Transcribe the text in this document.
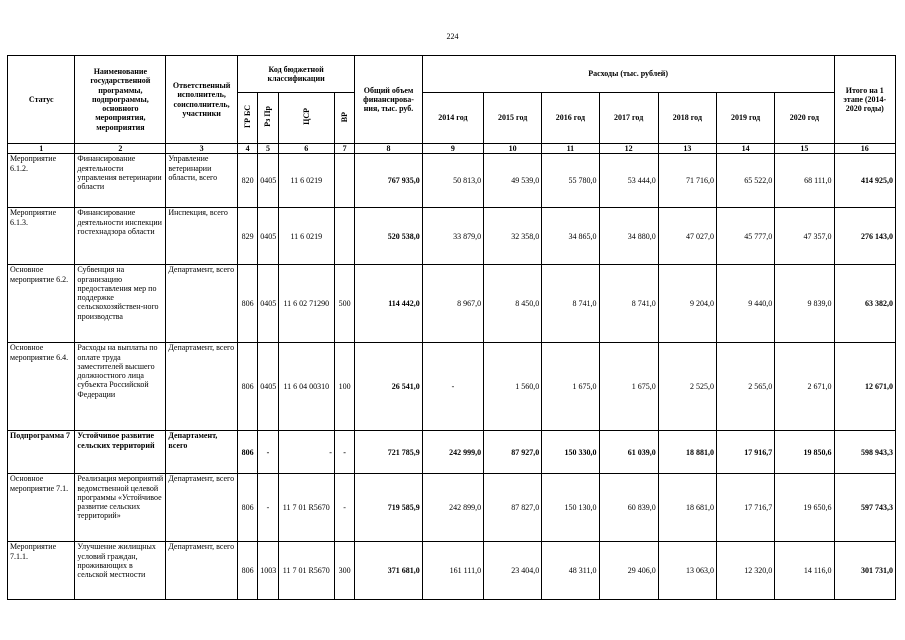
224
Статус	Наименование государственной программы, подпрограммы, основного мероприятия, мероприятия	Ответственный исполнитель, соисполнитель, участники	Код бюджетной классификации				Общий объем финансирова-ния, тыс. руб.	Расходы (тыс. рублей)							Итого на 1 этапе (2014-2020 годы)
			ГР БС	Рз Пр	ЦСР	ВР		2014 год	2015 год	2016 год	2017 год	2018 год	2019 год	2020 год	
1	2	3	4	5	6	7	8	9	10	11	12	13	14	15	16
Мероприятие 6.1.2.	Финансирование деятельности управления ветеринарии области	Управление ветеринарии области, всего	820	0405	11 6 0219		767 935,0	50 813,0	49 539,0	55 780,0	53 444,0	71 716,0	65 522,0	68 111,0	414 925,0
Мероприятие 6.1.3.	Финансирование деятельности инспекции гостехнадзора области	Инспекция, всего	829	0405	11 6 0219		520 538,0	33 879,0	32 358,0	34 865,0	34 880,0	47 027,0	45 777,0	47 357,0	276 143,0
Основное мероприятие 6.2.	Субвенция на организацию предоставления мер по поддержке сельскохозяйствен-ного производства	Департамент, всего	806	0405	11 6 02 71290	500	114 442,0	8 967,0	8 450,0	8 741,0	8 741,0	9 204,0	9 440,0	9 839,0	63 382,0
Основное мероприятие 6.4.	Расходы на выплаты по оплате труда заместителей высшего должностного лица субъекта Российской Федерации	Департамент, всего	806	0405	11 6 04 00310	100	26 541,0	-	1 560,0	1 675,0	1 675,0	2 525,0	2 565,0	2 671,0	12 671,0
Подпрограмма 7	Устойчивое развитие сельских территорий	Департамент, всего	806	-	-	-	721 785,9	242 999,0	87 927,0	150 330,0	61 039,0	18 881,0	17 916,7	19 850,6	598 943,3
Основное мероприятие 7.1.	Реализация мероприятий ведомственной целевой программы «Устойчивое развитие сельских территорий»	Департамент, всего	806	-	11 7 01 R5670	-	719 585,9	242 899,0	87 827,0	150 130,0	60 839,0	18 681,0	17 716,7	19 650,6	597 743,3
Мероприятие 7.1.1.	Улучшение жилищных условий граждан, проживающих в сельской местности	Департамент, всего	806	1003	11 7 01 R5670	300	371 681,0	161 111,0	23 404,0	48 311,0	29 406,0	13 063,0	12 320,0	14 116,0	301 731,0
